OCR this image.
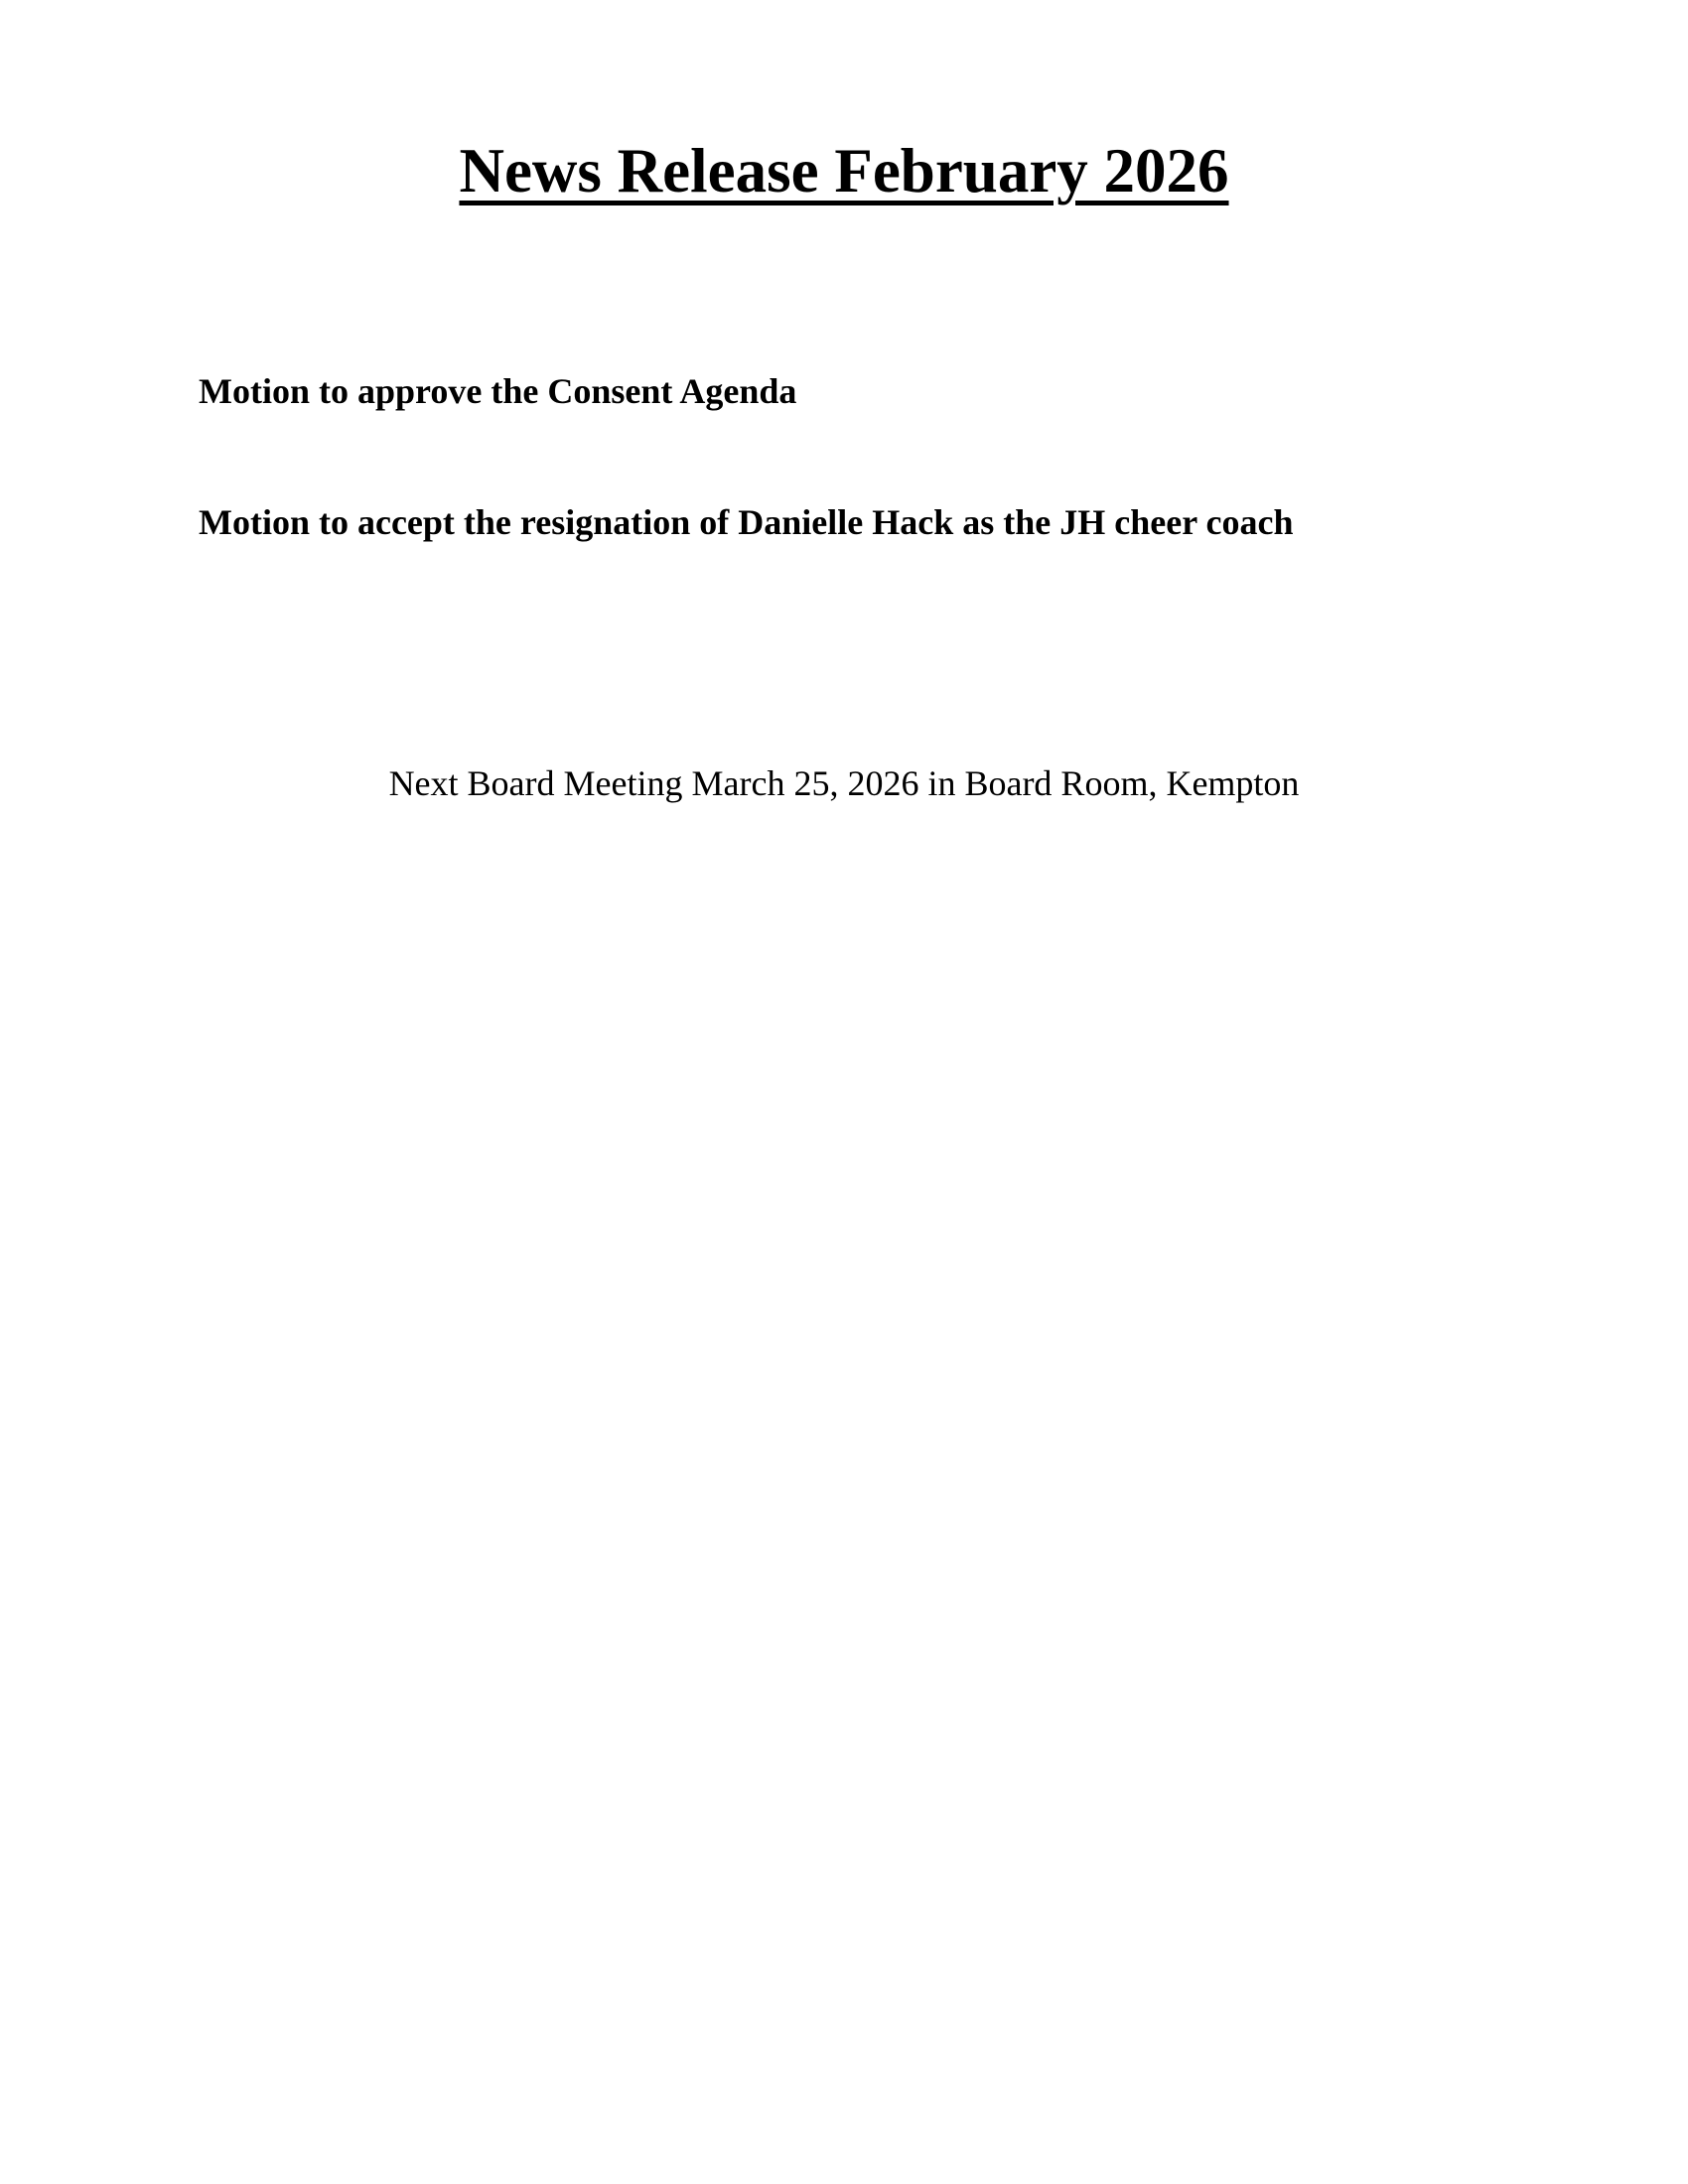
News Release February 2026

Motion to approve the Consent Agenda

Motion to accept the resignation of Danielle Hack as the JH cheer coach

Next Board Meeting March 25, 2026 in Board Room, Kempton
